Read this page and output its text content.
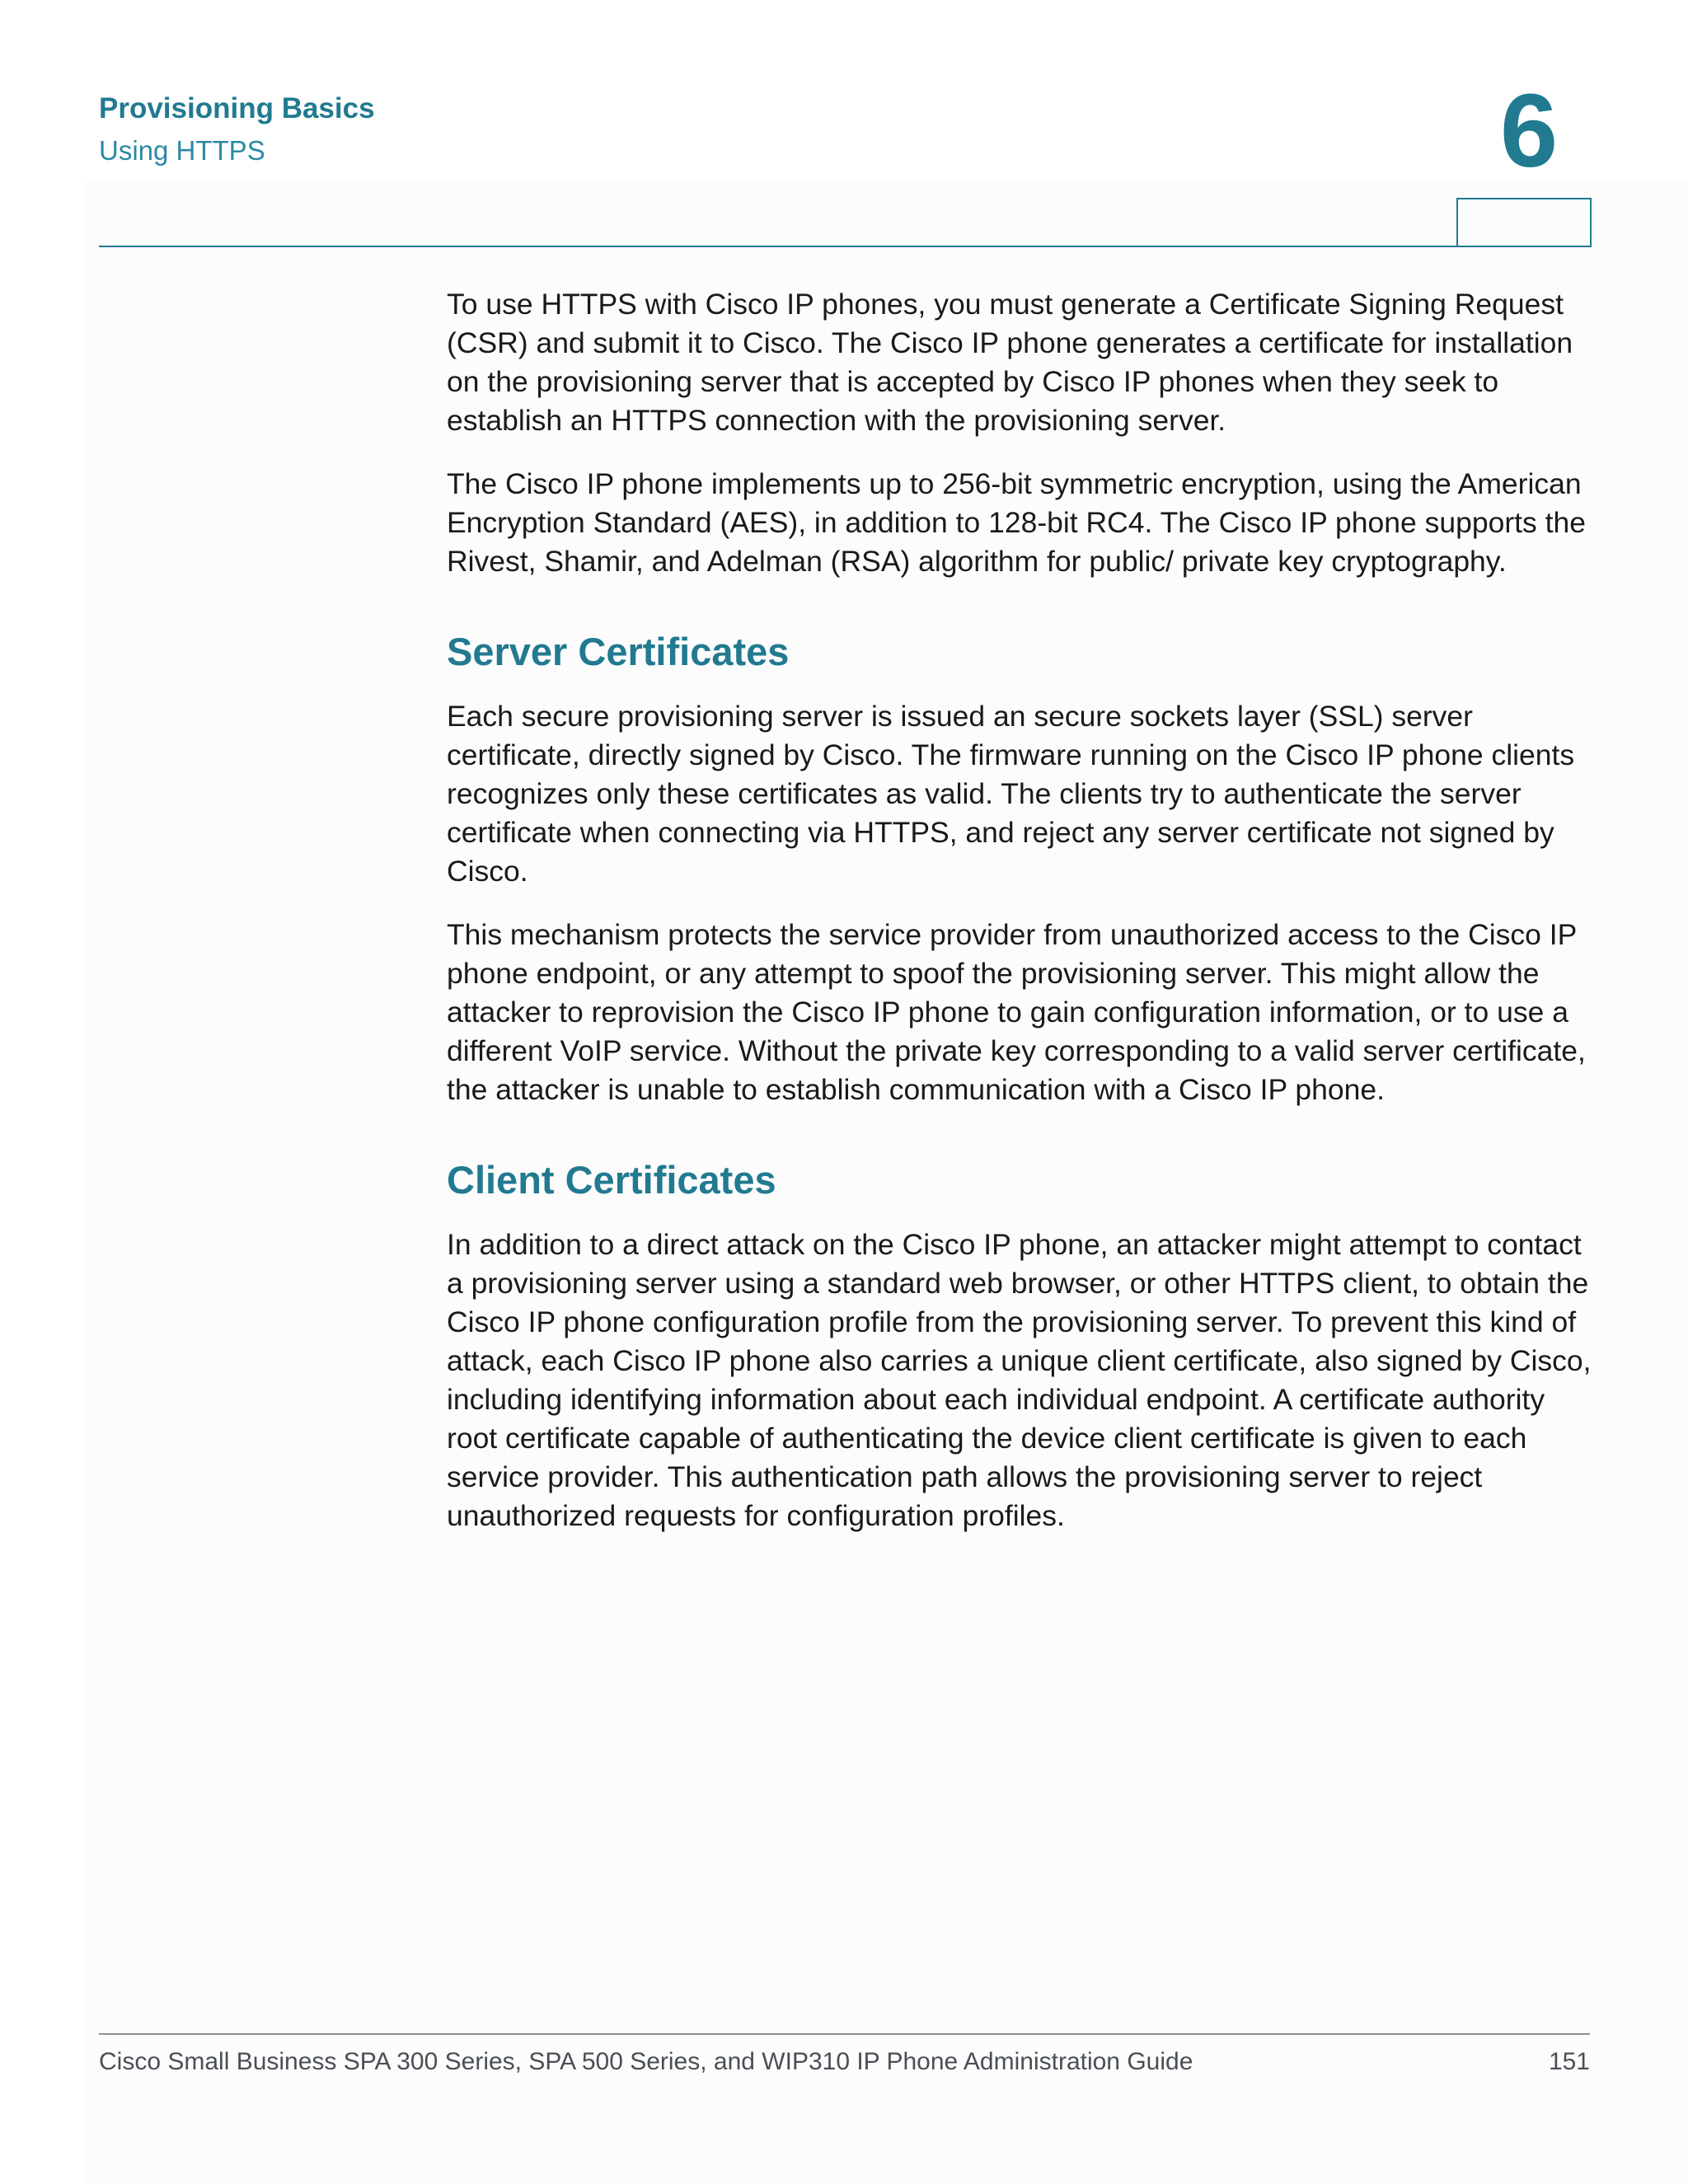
Provisioning Basics
Using HTTPS	6

To use HTTPS with Cisco IP phones, you must generate a Certificate Signing Request (CSR) and submit it to Cisco. The Cisco IP phone generates a certificate for installation on the provisioning server that is accepted by Cisco IP phones when they seek to establish an HTTPS connection with the provisioning server.

The Cisco IP phone implements up to 256-bit symmetric encryption, using the American Encryption Standard (AES), in addition to 128-bit RC4. The Cisco IP phone supports the Rivest, Shamir, and Adelman (RSA) algorithm for public/ private key cryptography.

Server Certificates

Each secure provisioning server is issued an secure sockets layer (SSL) server certificate, directly signed by Cisco. The firmware running on the Cisco IP phone clients recognizes only these certificates as valid. The clients try to authenticate the server certificate when connecting via HTTPS, and reject any server certificate not signed by Cisco.

This mechanism protects the service provider from unauthorized access to the Cisco IP phone endpoint, or any attempt to spoof the provisioning server. This might allow the attacker to reprovision the Cisco IP phone to gain configuration information, or to use a different VoIP service. Without the private key corresponding to a valid server certificate, the attacker is unable to establish communication with a Cisco IP phone.

Client Certificates

In addition to a direct attack on the Cisco IP phone, an attacker might attempt to contact a provisioning server using a standard web browser, or other HTTPS client, to obtain the Cisco IP phone configuration profile from the provisioning server. To prevent this kind of attack, each Cisco IP phone also carries a unique client certificate, also signed by Cisco, including identifying information about each individual endpoint. A certificate authority root certificate capable of authenticating the device client certificate is given to each service provider. This authentication path allows the provisioning server to reject unauthorized requests for configuration profiles.

Cisco Small Business SPA 300 Series, SPA 500 Series, and WIP310 IP Phone Administration Guide	151
